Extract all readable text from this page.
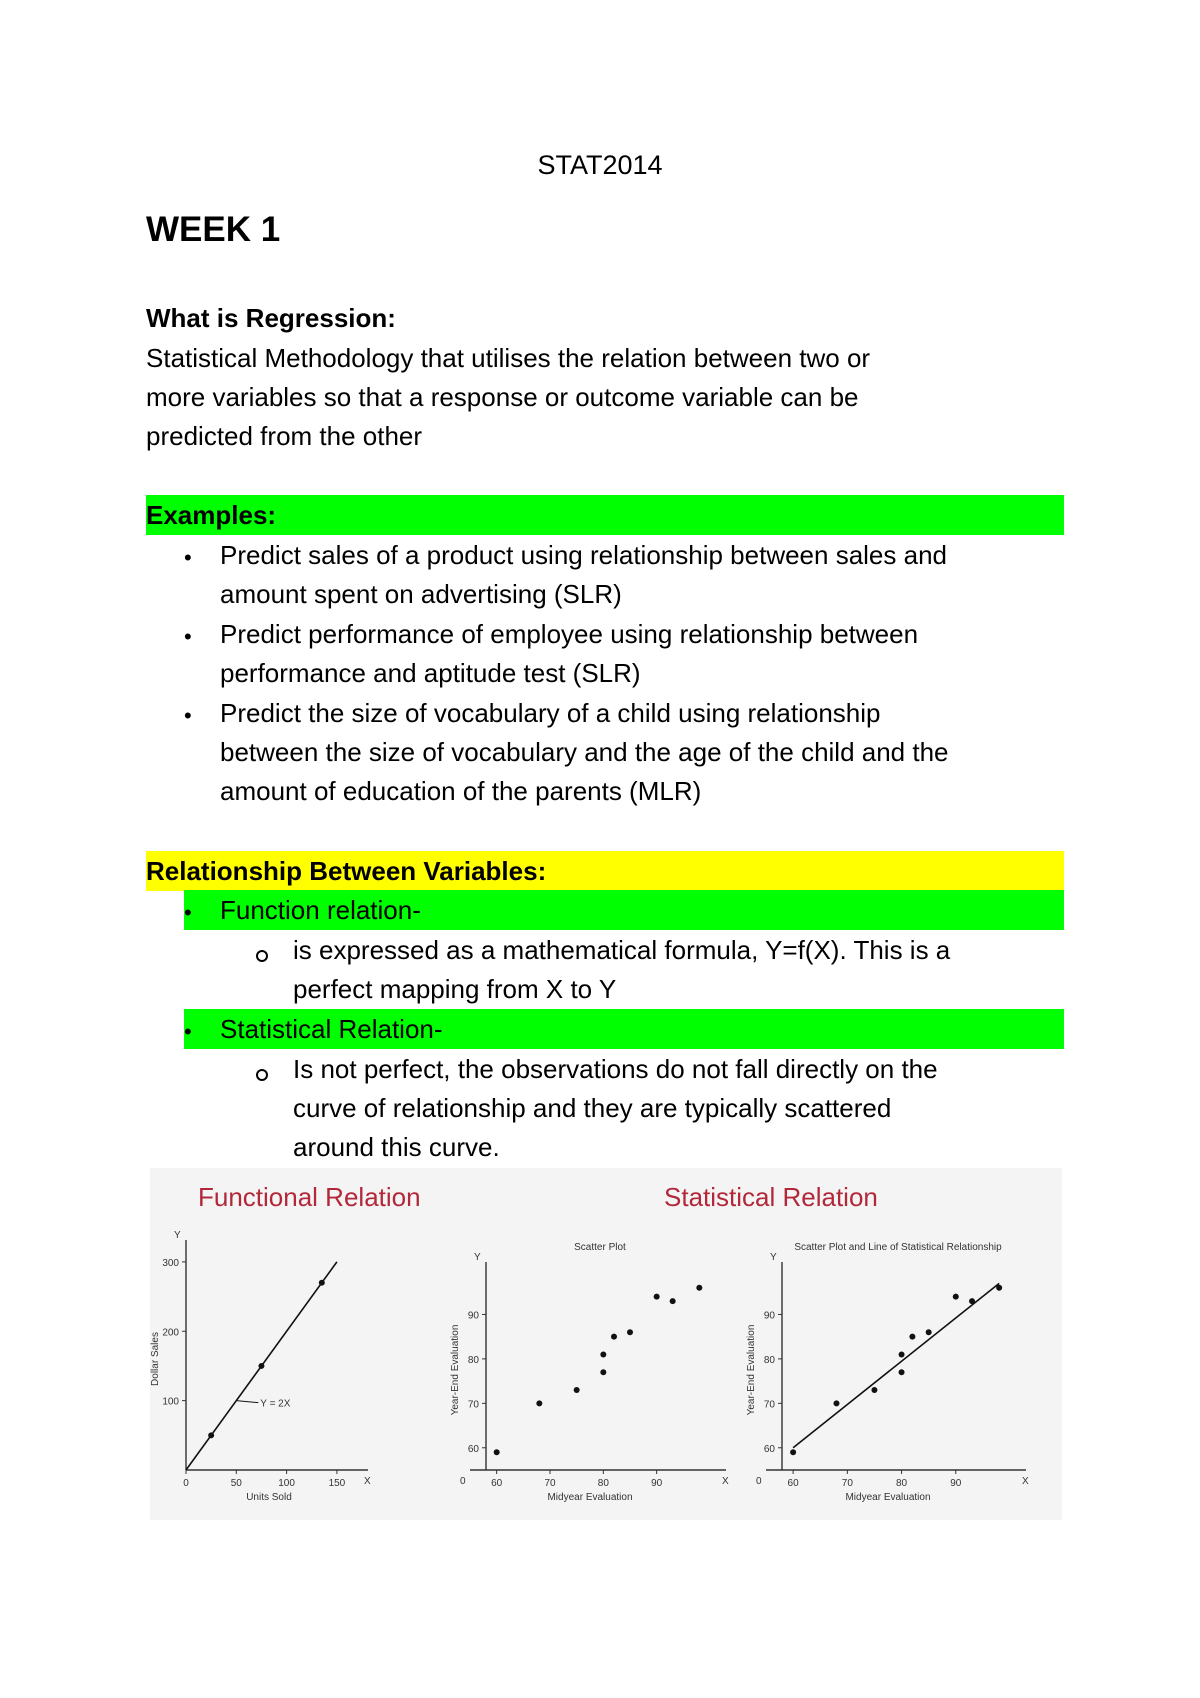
STAT2014
WEEK 1
What is Regression:
Statistical Methodology that utilises the relation between two or
more variables so that a response or outcome variable can be
predicted from the other
Examples:
• Predict sales of a product using relationship between sales and
amount spent on advertising (SLR)
• Predict performance of employee using relationship between
performance and aptitude test (SLR)
• Predict the size of vocabulary of a child using relationship
between the size of vocabulary and the age of the child and the
amount of education of the parents (MLR)
Relationship Between Variables:
• Function relation-
is expressed as a mathematical formula, Y=f(X). This is a
perfect mapping from X to Y
• Statistical Relation-
Is not perfect, the observations do not fall directly on the
curve of relationship and they are typically scattered
around this curve.
Functional Relation	Statistical Relation
Y
X
0	50	100	150
100
200
300
Units Sold
Dollar Sales
Y = 2X
Y
X
Scatter Plot
0	60	70	80	90
60
70
80
90
Midyear Evaluation
Year-End Evaluation
Y
X
Scatter Plot and Line of Statistical Relationship
0	60	70	80	90
60
70
80
90
Midyear Evaluation
Year-End Evaluation
